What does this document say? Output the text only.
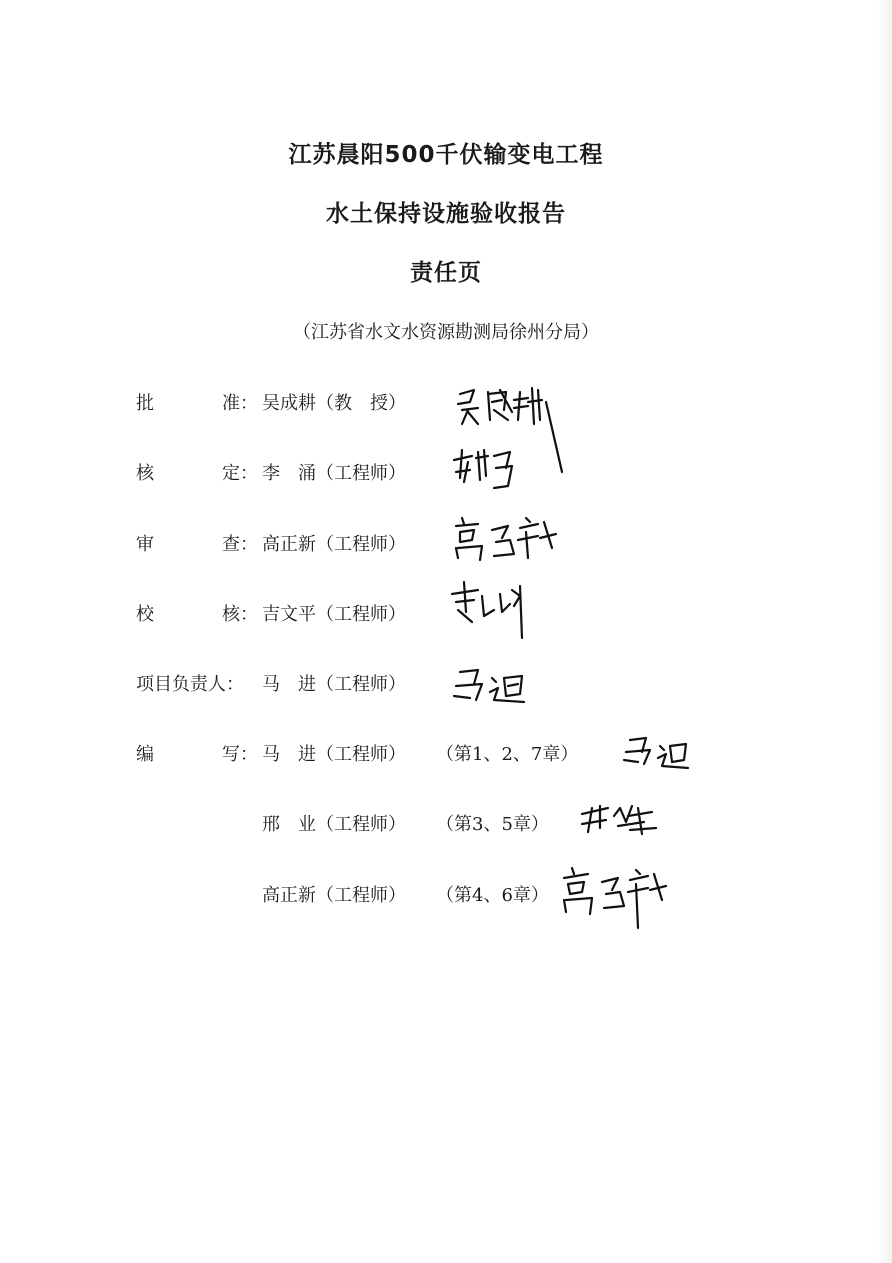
江苏晨阳500千伏输变电工程
水土保持设施验收报告
责任页
（江苏省水文水资源勘测局徐州分局）
批	准： 吴成耕（教　授）
核	定： 李　涌（工程师）
审	查： 高正新（工程师）
校	核： 吉文平（工程师）
项目负责人：	马　进（工程师）
编	写： 马　进（工程师） （第1、2、7章）
邢　业（工程师） （第3、5章）
高正新（工程师） （第4、6章）
